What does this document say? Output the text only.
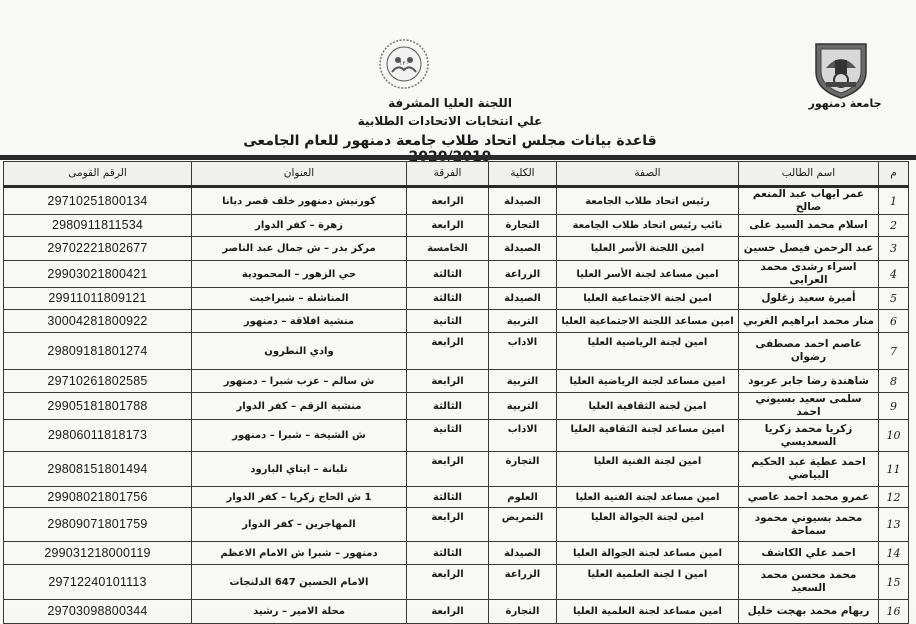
جامعة دمنهور
١٢٠
اللجنة العليا المشرفة
علي انتخابات الاتحادات الطلابية
قاعدة بيانات مجلس اتحاد طلاب جامعة دمنهور للعام الجامعى
م	اسم الطالب	الصفة	الكلية	الفرقة	العنوان	الرقم القومى
1	عمر ايهاب عبد المنعم صالح	رئيس اتحاد طلاب الجامعة	الصيدلة	الرابعة	كورنيش دمنهور خلف قصر ديانا	29710251800134
2	اسلام محمد السيد على	نائب رئيس اتحاد طلاب الجامعة	التجارة	الرابعة	زهرة – كفر الدوار	2980911811534
3	عبد الرحمن فيصل حسين	امين اللجنة الأسر العليا	الصيدلة	الخامسة	مركز بدر – ش جمال عبد الناصر	29702221802677
4	اسراء رشدى محمد العرابى	امين مساعد لجنة الأسر العليا	الزراعة	الثالثة	حي الزهور – المحمودية	29903021800421
5	أميرة سعيد زغلول	امين لجنة الاجتماعية العليا	الصيدلة	الثالثة	المناشلة – شبراخيت	29911011809121
6	منار محمد ابراهيم الغربي	امين مساعد اللجنة الاجتماعية العليا	التربية	الثانية	منشية افلاقة – دمنهور	30004281800922
7	عاصم احمد مصطفى رضوان	امين لجنة الرياضية العليا	الاداب	الرابعة	وادي النطرون	29809181801274
8	شاهندة رضا جابر عربود	امين مساعد لجنة الرياضية العليا	التربية	الرابعة	ش سالم – عزب شبرا – دمنهور	29710261802585
9	سلمى سعيد بسيوني احمد	امين لجنة الثقافية العليا	التربية	الثالثة	منشية الزقم – كفر الدوار	29905181801788
10	زكريا محمد زكريا السعديسي	امين مساعد لجنة الثقافية العليا	الاداب	الثانية	ش الشيخة – شبرا – دمنهور	29806011818173
11	احمد عطية عبد الحكيم البياضي	امين لجنة الفنية العليا	التجارة	الرابعة	تلبانة – ايتاي البارود	29808151801494
12	عمرو محمد احمد عاصي	امين مساعد لجنة الفنية العليا	العلوم	الثالثة	1 ش الحاج زكريا – كفر الدوار	29908021801756
13	محمد بسيوني محمود سماحة	امين لجنة الجوالة العليا	التمريض	الرابعة	المهاجرين – كفر الدوار	29809071801759
14	احمد علي الكاشف	امين مساعد لجنة الجوالة العليا	الصيدلة	الثالثة	دمنهور – شبرا ش الامام الاعظم	299031218000119
15	محمد محسن محمد السعيد	امين ا لجنة العلمية العليا	الزراعة	الرابعة	الامام الحسين 647 الدلنجات	29712240101113
16	ريهام محمد بهجت خليل	امين مساعد لجنة العلمية العليا	التجارة	الرابعة	محلة الامير – رشيد	29703098800344
